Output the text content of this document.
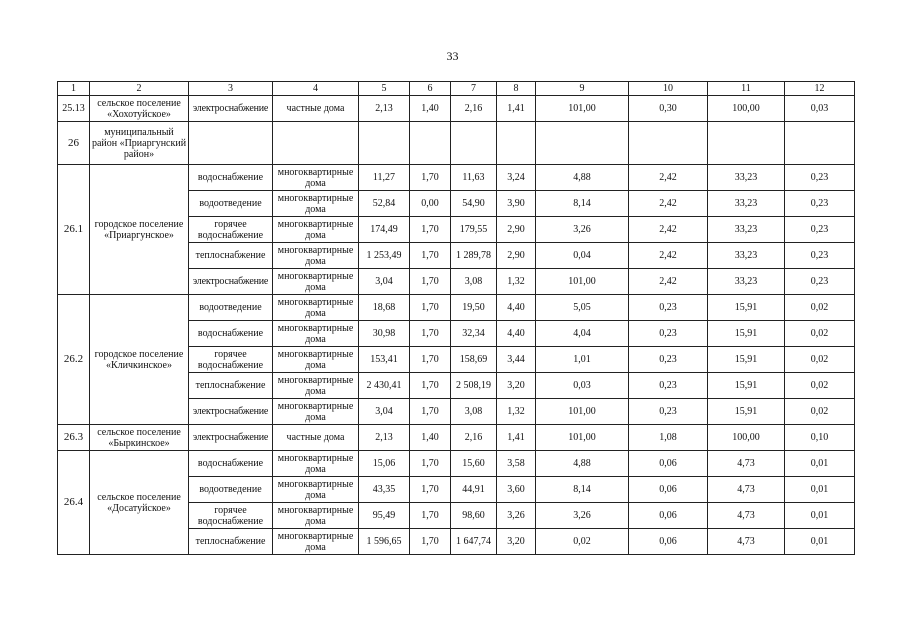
33
1	2	3	4	5	6	7	8	9	10	11	12
25.13	сельское поселение «Хохотуйское»	электроснабжение	частные дома	2,13	1,40	2,16	1,41	101,00	0,30	100,00	0,03
26	муниципальный район «Приаргунский район»										
26.1	городское поселение «Приаргунское»	водоснабжение	многоквартирные дома	11,27	1,70	11,63	3,24	4,88	2,42	33,23	0,23
		водоотведение	многоквартирные дома	52,84	0,00	54,90	3,90	8,14	2,42	33,23	0,23
		горячее водоснабжение	многоквартирные дома	174,49	1,70	179,55	2,90	3,26	2,42	33,23	0,23
		теплоснабжение	многоквартирные дома	1 253,49	1,70	1 289,78	2,90	0,04	2,42	33,23	0,23
		электроснабжение	многоквартирные дома	3,04	1,70	3,08	1,32	101,00	2,42	33,23	0,23
26.2	городское поселение «Кличкинское»	водоотведение	многоквартирные дома	18,68	1,70	19,50	4,40	5,05	0,23	15,91	0,02
		водоснабжение	многоквартирные дома	30,98	1,70	32,34	4,40	4,04	0,23	15,91	0,02
		горячее водоснабжение	многоквартирные дома	153,41	1,70	158,69	3,44	1,01	0,23	15,91	0,02
		теплоснабжение	многоквартирные дома	2 430,41	1,70	2 508,19	3,20	0,03	0,23	15,91	0,02
		электроснабжение	многоквартирные дома	3,04	1,70	3,08	1,32	101,00	0,23	15,91	0,02
26.3	сельское поселение «Быркинское»	электроснабжение	частные дома	2,13	1,40	2,16	1,41	101,00	1,08	100,00	0,10
26.4	сельское поселение «Досатуйское»	водоснабжение	многоквартирные дома	15,06	1,70	15,60	3,58	4,88	0,06	4,73	0,01
		водоотведение	многоквартирные дома	43,35	1,70	44,91	3,60	8,14	0,06	4,73	0,01
		горячее водоснабжение	многоквартирные дома	95,49	1,70	98,60	3,26	3,26	0,06	4,73	0,01
		теплоснабжение	многоквартирные дома	1 596,65	1,70	1 647,74	3,20	0,02	0,06	4,73	0,01
